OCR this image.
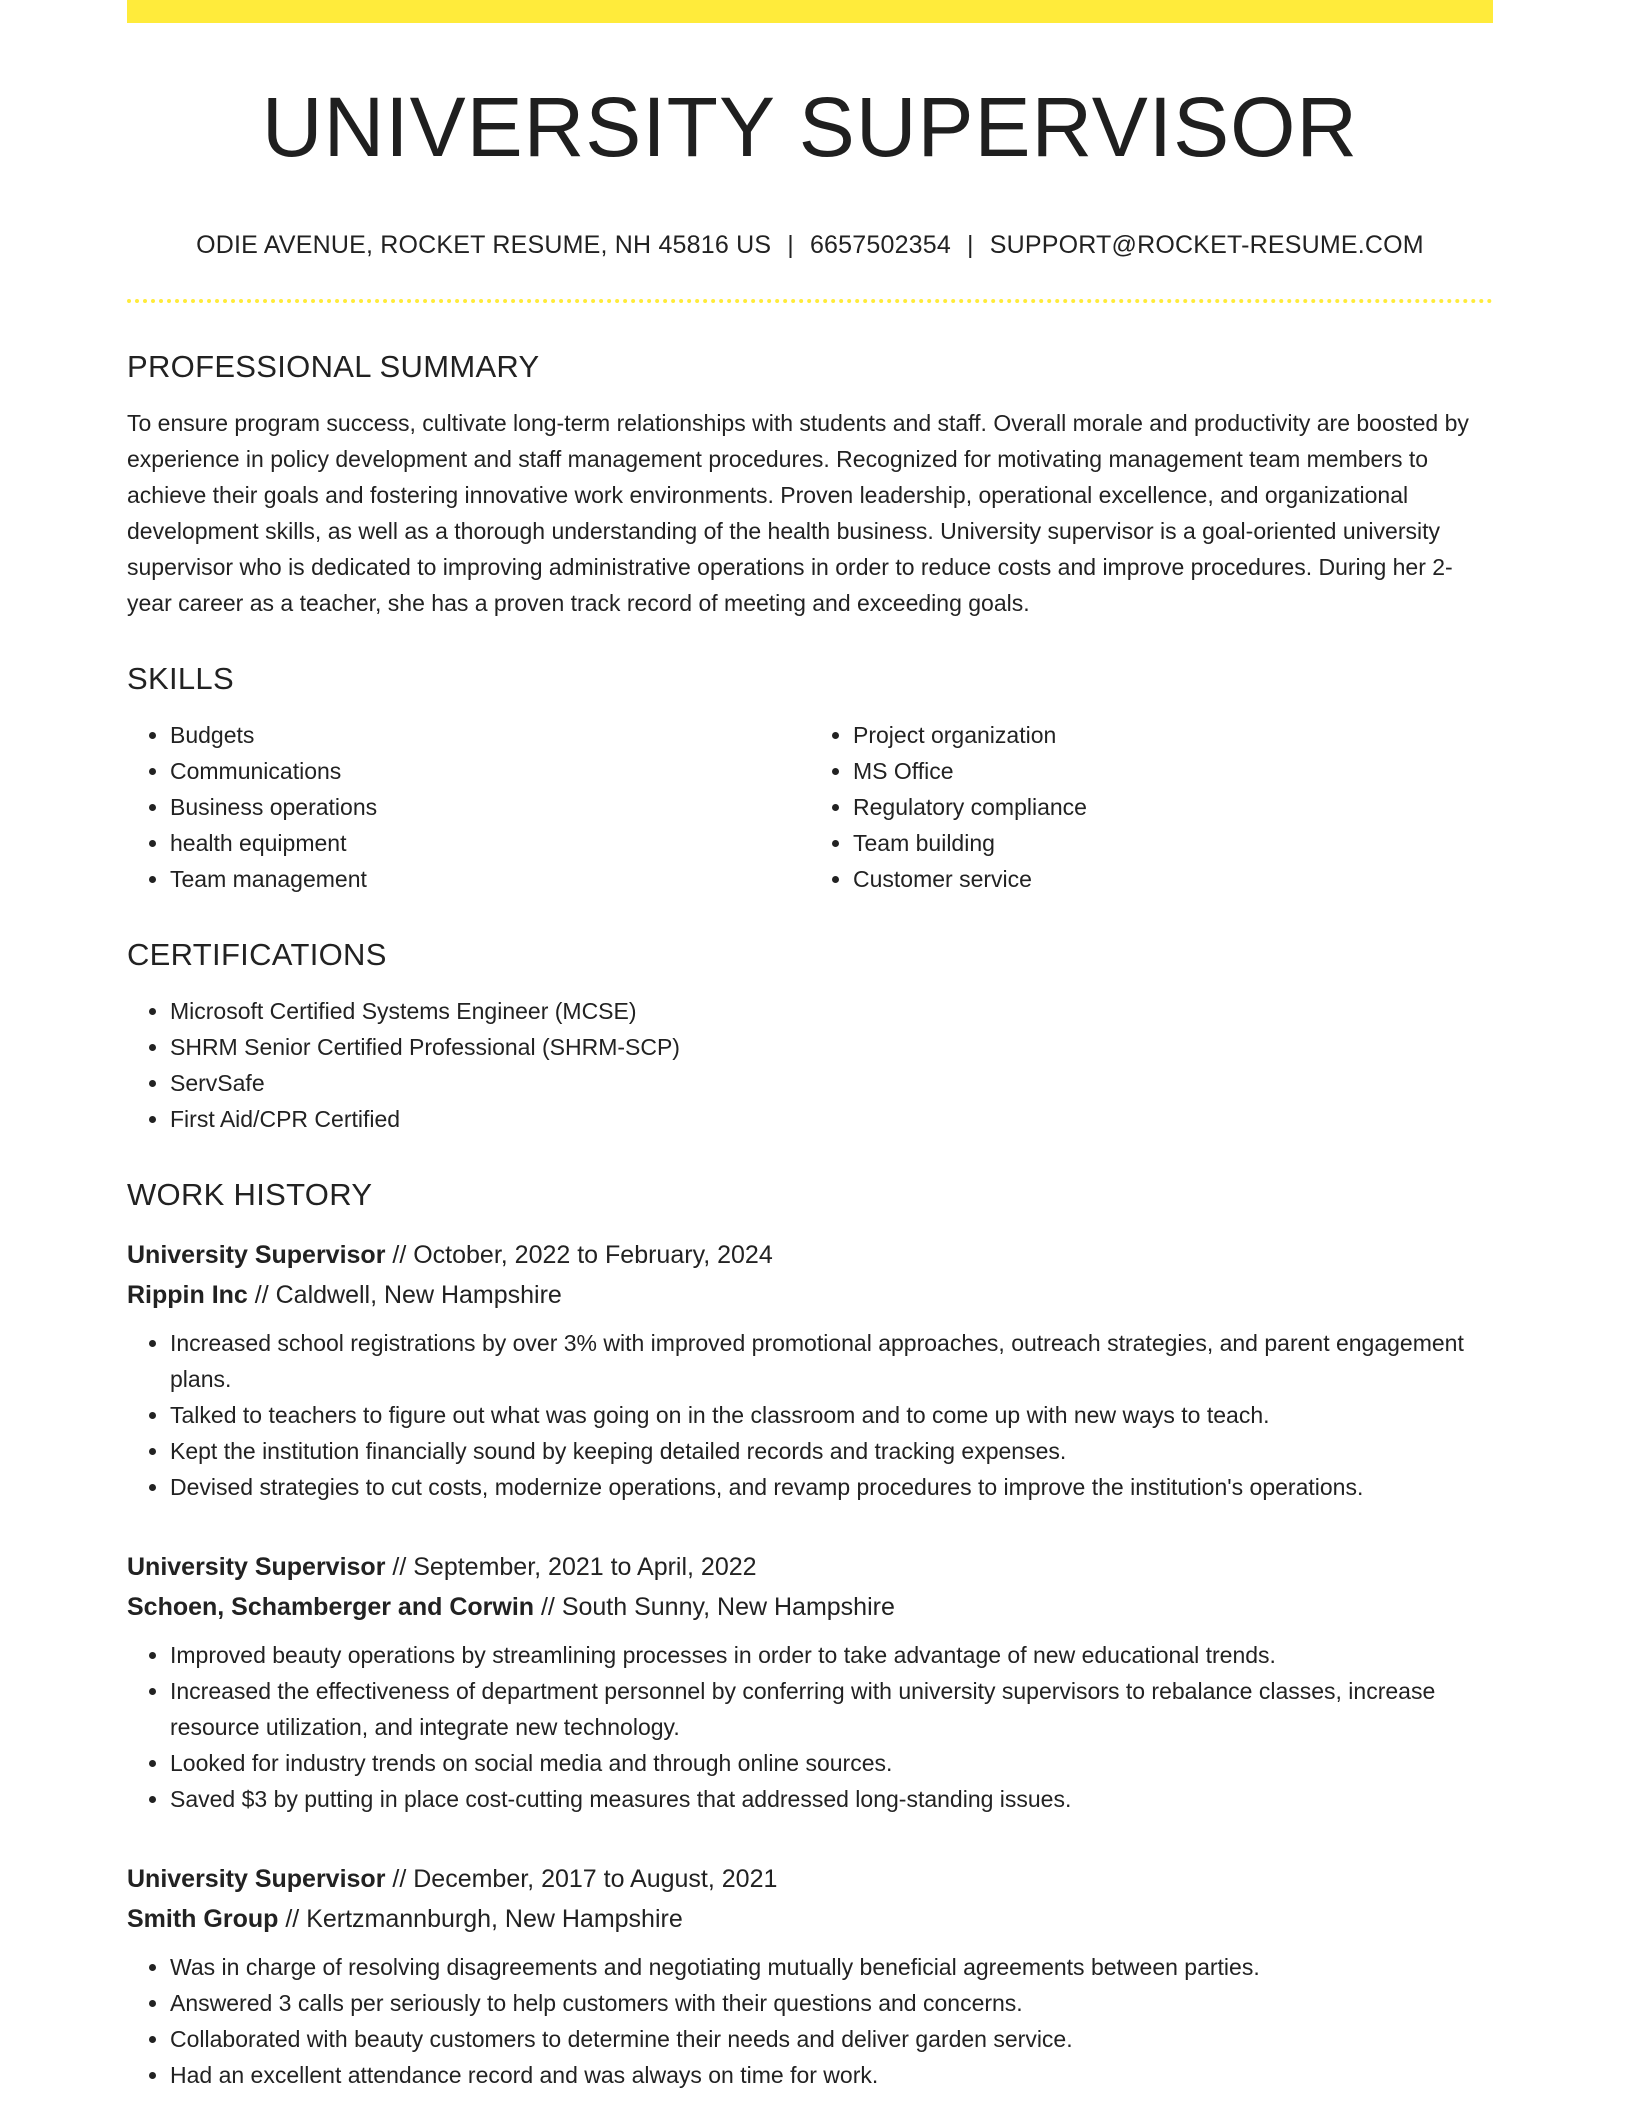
UNIVERSITY SUPERVISOR
ODIE AVENUE, ROCKET RESUME, NH 45816 US | 6657502354 | SUPPORT@ROCKET-RESUME.COM
PROFESSIONAL SUMMARY

To ensure program success, cultivate long-term relationships with students and staff. Overall morale and productivity are boosted by experience in policy development and staff management procedures. Recognized for motivating management team members to achieve their goals and fostering innovative work environments. Proven leadership, operational excellence, and organizational development skills, as well as a thorough understanding of the health business. University supervisor is a goal-oriented university supervisor who is dedicated to improving administrative operations in order to reduce costs and improve procedures. During her 2-year career as a teacher, she has a proven track record of meeting and exceeding goals.

SKILLS
• Budgets
• Communications
• Business operations
• health equipment
• Team management
• Project organization
• MS Office
• Regulatory compliance
• Team building
• Customer service
CERTIFICATIONS
• Microsoft Certified Systems Engineer (MCSE)
• SHRM Senior Certified Professional (SHRM-SCP)
• ServSafe
• First Aid/CPR Certified
WORK HISTORY
University Supervisor // October, 2022 to February, 2024
Rippin Inc // Caldwell, New Hampshire
• Increased school registrations by over 3% with improved promotional approaches, outreach strategies, and parent engagement plans.
• Talked to teachers to figure out what was going on in the classroom and to come up with new ways to teach.
• Kept the institution financially sound by keeping detailed records and tracking expenses.
• Devised strategies to cut costs, modernize operations, and revamp procedures to improve the institution's operations.
University Supervisor // September, 2021 to April, 2022
Schoen, Schamberger and Corwin // South Sunny, New Hampshire
• Improved beauty operations by streamlining processes in order to take advantage of new educational trends.
• Increased the effectiveness of department personnel by conferring with university supervisors to rebalance classes, increase resource utilization, and integrate new technology.
• Looked for industry trends on social media and through online sources.
• Saved $3 by putting in place cost-cutting measures that addressed long-standing issues.
University Supervisor // December, 2017 to August, 2021
Smith Group // Kertzmannburgh, New Hampshire
• Was in charge of resolving disagreements and negotiating mutually beneficial agreements between parties.
• Answered 3 calls per seriously to help customers with their questions and concerns.
• Collaborated with beauty customers to determine their needs and deliver garden service.
• Had an excellent attendance record and was always on time for work.
